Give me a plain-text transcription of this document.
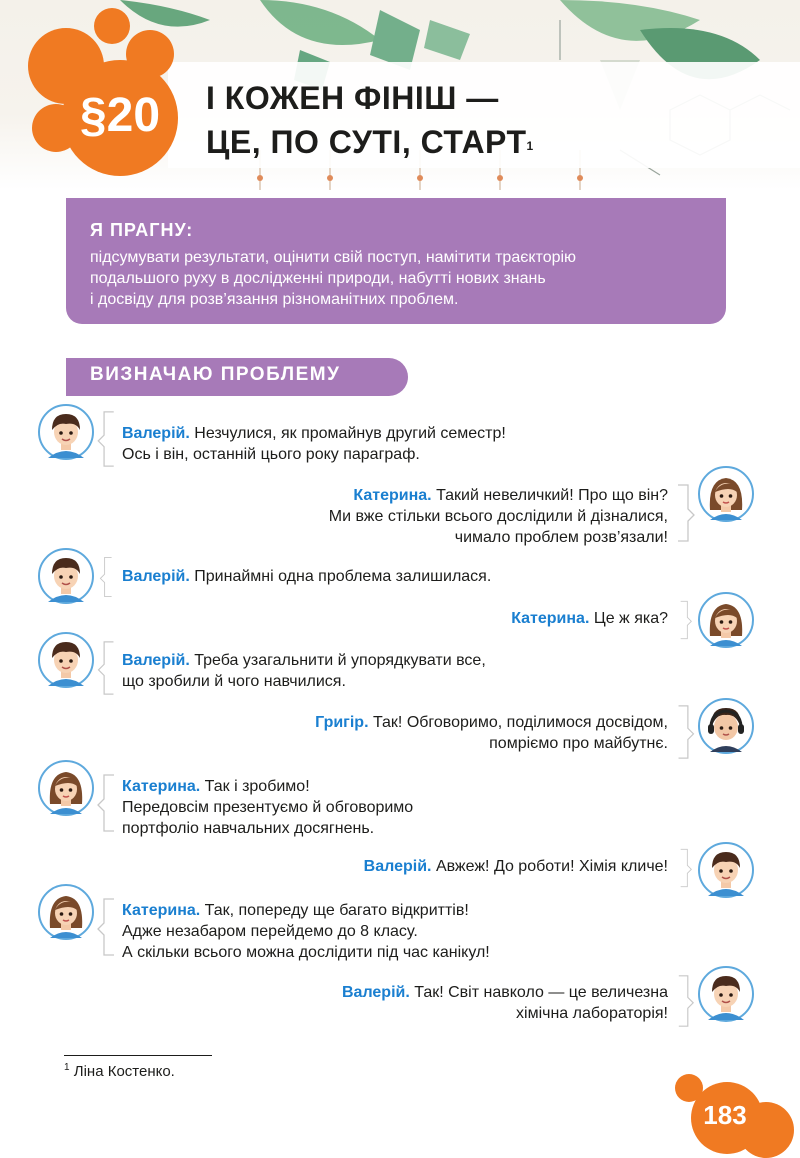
І КОЖЕН ФІНІШ —
ЦЕ, ПО СУТІ, СТАРТ$^1$
§20

Я ПРАГНУ:

підсумувати результати, оцінити свій поступ, намітити траєкторію
подальшого руху в дослідженні природи, набутті нових знань
і досвіду для розв’язання різноманітних проблем.

ВИЗНАЧАЮ ПРОБЛЕМУ

Валерій. Незчулися, як промайнув другий семестр!

Ось і він, останній цього року параграф.

Катерина. Такий невеличкий! Про що він?

Ми вже стільки всього дослідили й дізналися,

чимало проблем розв’язали!

Валерій. Принаймні одна проблема залишилася.

Катерина. Це ж яка?

Валерій. Треба узагальнити й упорядкувати все,

що зробили й чого навчилися.

Григір. Так! Обговоримо, поділимося досвідом,

помріємо про майбутнє.

Катерина. Так і зробимо!

Передовсім презентуємо й обговоримо

портфоліо навчальних досягнень.

Валерій. Авжеж! До роботи! Хімія кличе!

Катерина. Так, попереду ще багато відкриттів!

Адже незабаром перейдемо до 8 класу.

А скільки всього можна дослідити під час канікул!

Валерій. Так! Світ навколо — це величезна

хімічна лабораторія!

$^1$ Ліна Костенко.
183
